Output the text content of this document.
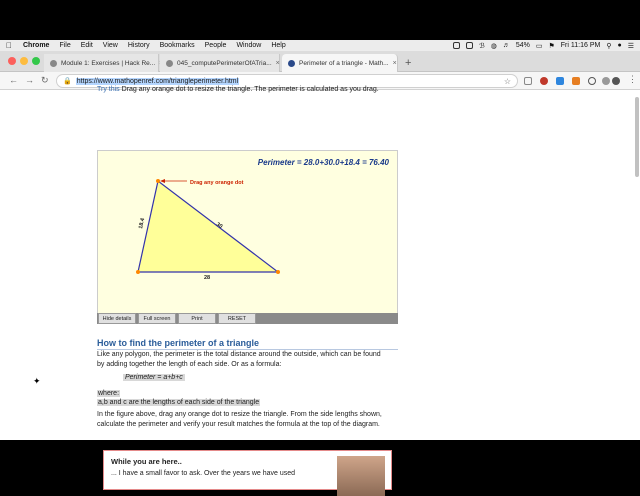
Chrome	File	Edit	View	History	Bookmarks	People	Window	Help	ℬ ◍ ♬ 54% ▭ ⚑ Fri 11:16 PM ⚲ ● ☰
Module 1: Exercises | Hack Re...	045_computePerimeterOfATria... ×	Perimeter of a triangle - Math... × +
← → ↻ 🔒 https://www.mathopenref.com/triangleperimeter.html	☆	⋮
Try this Drag any orange dot to resize the triangle. The perimeter is calculated as you drag.
Perimeter = 28.0+30.0+18.4 = 76.40
Drag any orange dot
18.4	30
28
Hide details	Full screen	Print	RESET
How to find the perimeter of a triangle
Like any polygon, the perimeter is the total distance around the outside, which can be found by adding together the length of each side. Or as a formula:
Perimeter = a+b+c
where:
a,b and c are the lengths of each side of the triangle
In the figure above, drag any orange dot to resize the triangle. From the side lengths shown, calculate the perimeter and verify your result matches the formula at the top of the diagram.
While you are here..
... I have a small favor to ask. Over the years we have used
✦
